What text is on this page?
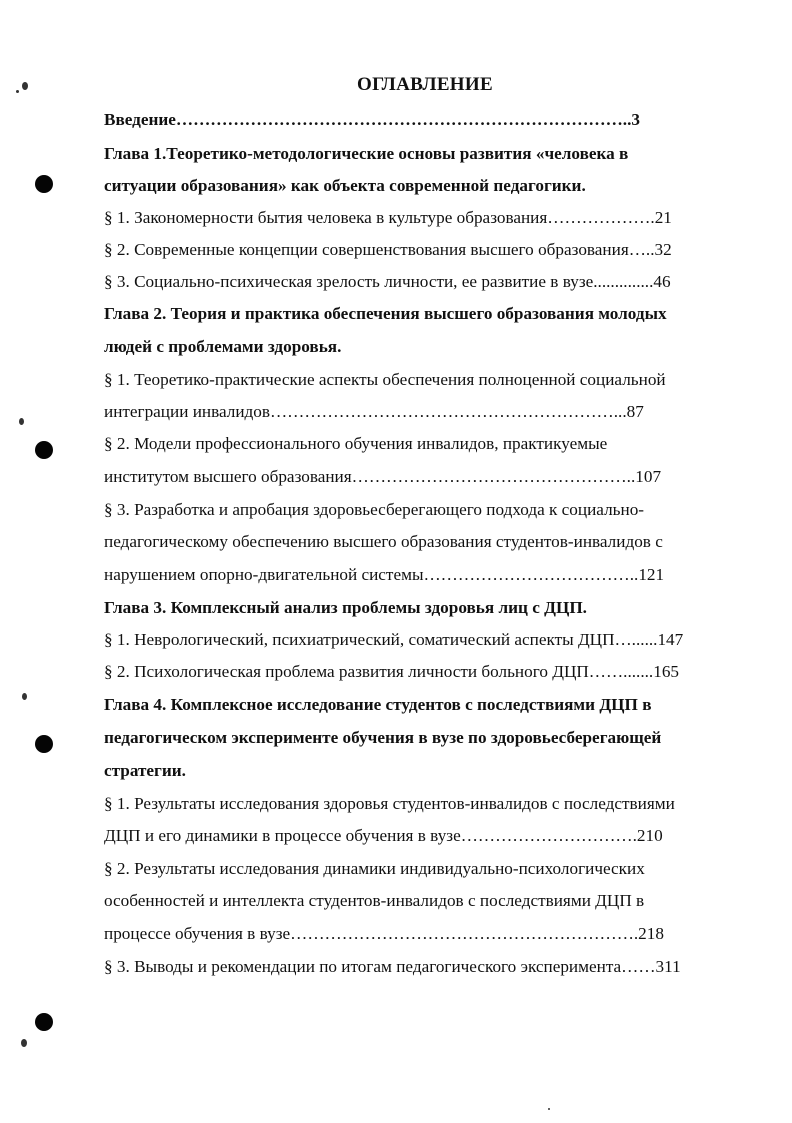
ОГЛАВЛЕНИЕ
Введение……………………………………………………………………..3
Глава 1.Теоретико-методологические основы развития «человека в
ситуации образования» как объекта современной педагогики.
§ 1. Закономерности бытия человека в культуре образования……………….21
§ 2. Современные концепции совершенствования высшего образования…..32
§ 3. Социально-психическая зрелость личности, ее развитие в вузе..............46
Глава 2. Теория и практика обеспечения высшего образования молодых
людей с проблемами здоровья.
§ 1. Теоретико-практические аспекты обеспечения полноценной социальной
интеграции инвалидов……………………………………………………...87
§ 2. Модели профессионального обучения инвалидов, практикуемые
институтом высшего образования…………………………………………..107
§ 3. Разработка и апробация здоровьесберегающего подхода к социально-
педагогическому обеспечению высшего образования студентов-инвалидов с
нарушением опорно-двигательной системы………………………………..121
Глава 3. Комплексный анализ проблемы здоровья лиц с ДЦП.
§ 1. Неврологический, психиатрический, соматический аспекты ДЦП…......147
§ 2. Психологическая проблема развития личности больного ДЦП…….......165
Глава 4. Комплексное исследование студентов с последствиями ДЦП в
педагогическом эксперименте обучения в вузе по здоровьесберегающей
стратегии.
§ 1. Результаты исследования здоровья студентов-инвалидов с последствиями
ДЦП и его динамики в процессе обучения в вузе………………………….210
§ 2. Результаты исследования динамики индивидуально-психологических
особенностей и интеллекта студентов-инвалидов с последствиями ДЦП в
процессе обучения в вузе…………………………………………………….218
§ 3. Выводы и рекомендации по итогам педагогического эксперимента……311
